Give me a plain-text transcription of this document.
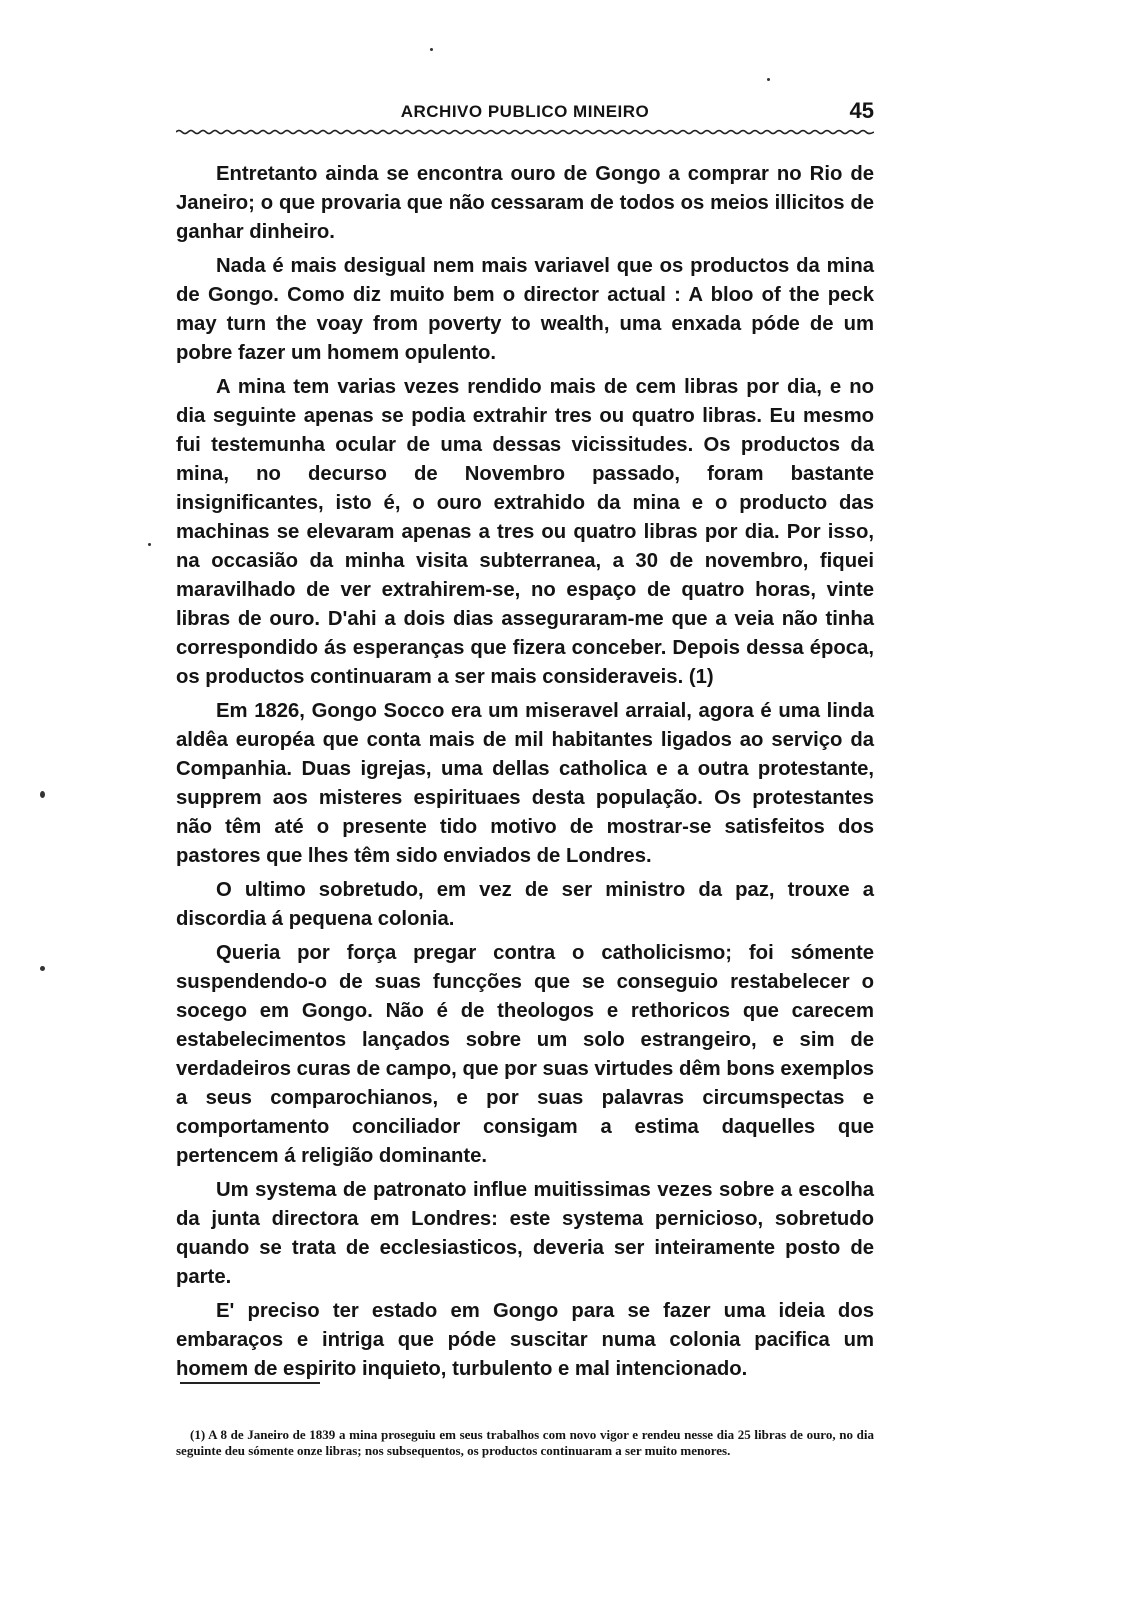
ARCHIVO PUBLICO MINEIRO	45

Entretanto ainda se encontra ouro de Gongo a comprar no Rio de Janeiro; o que provaria que não cessaram de todos os meios illicitos de ganhar dinheiro.

Nada é mais desigual nem mais variavel que os productos da mina de Gongo. Como diz muito bem o director actual : A bloo of the peck may turn the voay from poverty to wealth, uma enxada póde de um pobre fazer um homem opulento.

A mina tem varias vezes rendido mais de cem libras por dia, e no dia seguinte apenas se podia extrahir tres ou quatro libras. Eu mesmo fui testemunha ocular de uma dessas vicissitudes. Os productos da mina, no decurso de Novembro passado, foram bastante insignificantes, isto é, o ouro extrahido da mina e o producto das machinas se elevaram apenas a tres ou quatro libras por dia. Por isso, na occasião da minha visita subterranea, a 30 de novembro, fiquei maravilhado de ver extrahirem-se, no espaço de quatro horas, vinte libras de ouro. D'ahi a dois dias asseguraram-me que a veia não tinha correspondido ás esperanças que fizera conceber. Depois dessa época, os productos continuaram a ser mais consideraveis. (1)

Em 1826, Gongo Socco era um miseravel arraial, agora é uma linda aldêa européa que conta mais de mil habitantes ligados ao serviço da Companhia. Duas igrejas, uma dellas catholica e a outra protestante, supprem aos misteres espirituaes desta população. Os protestantes não têm até o presente tido motivo de mostrar-se satisfeitos dos pastores que lhes têm sido enviados de Londres.

O ultimo sobretudo, em vez de ser ministro da paz, trouxe a discordia á pequena colonia.

Queria por força pregar contra o catholicismo; foi sómente suspendendo-o de suas funcções que se conseguio restabelecer o socego em Gongo. Não é de theologos e rethoricos que carecem estabelecimentos lançados sobre um solo estrangeiro, e sim de verdadeiros curas de campo, que por suas virtudes dêm bons exemplos a seus comparochianos, e por suas palavras circumspectas e comportamento conciliador consigam a estima daquelles que pertencem á religião dominante.

Um systema de patronato influe muitissimas vezes sobre a escolha da junta directora em Londres: este systema pernicioso, sobretudo quando se trata de ecclesiasticos, deveria ser inteiramente posto de parte.

E' preciso ter estado em Gongo para se fazer uma ideia dos embaraços e intriga que póde suscitar numa colonia pacifica um homem de espirito inquieto, turbulento e mal intencionado.

(1) A 8 de Janeiro de 1839 a mina proseguiu em seus trabalhos com novo vigor e rendeu nesse dia 25 libras de ouro, no dia seguinte deu sómente onze libras; nos subsequentos, os productos continuaram a ser muito menores.
